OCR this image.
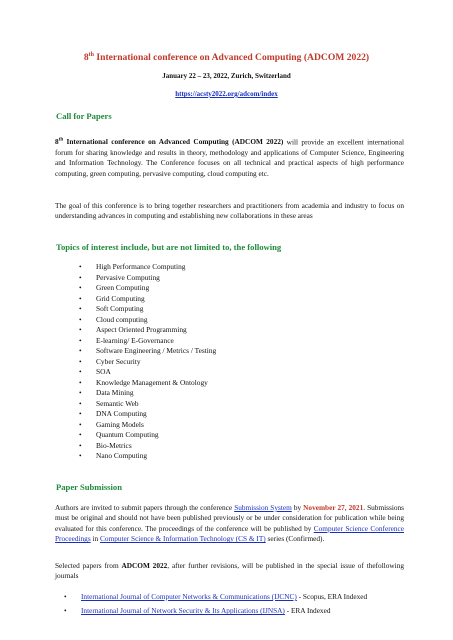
8th International conference on Advanced Computing (ADCOM 2022)
January 22 – 23, 2022, Zurich, Switzerland
https://acsty2022.org/adcom/index
Call for Papers
8th International conference on Advanced Computing (ADCOM 2022) will provide an excellent international forum for sharing knowledge and results in theory, methodology and applications of Computer Science, Engineering and Information Technology. The Conference focuses on all technical and practical aspects of high performance computing, green computing, pervasive computing, cloud computing etc.
The goal of this conference is to bring together researchers and practitioners from academia and industry to focus on understanding advances in computing and establishing new collaborations in these areas
Topics of interest include, but are not limited to, the following
• High Performance Computing
• Pervasive Computing
• Green Computing
• Grid Computing
• Soft Computing
• Cloud computing
• Aspect Oriented Programming
• E-learning/ E-Governance
• Software Engineering / Metrics / Testing
• Cyber Security
• SOA
• Knowledge Management & Ontology
• Data Mining
• Semantic Web
• DNA Computing
• Gaming Models
• Quantum Computing
• Bio-Metrics
• Nano Computing
Paper Submission
Authors are invited to submit papers through the conference Submission System by November 27, 2021. Submissions must be original and should not have been published previously or be under consideration for publication while being evaluated for this conference. The proceedings of the conference will be published by Computer Science Conference Proceedings in Computer Science & Information Technology (CS & IT) series (Confirmed).
Selected papers from ADCOM 2022, after further revisions, will be published in the special issue of thefollowing journals
• International Journal of Computer Networks & Communications (IJCNC) - Scopus, ERA Indexed
• International Journal of Network Security & Its Applications (IJNSA) - ERA Indexed
